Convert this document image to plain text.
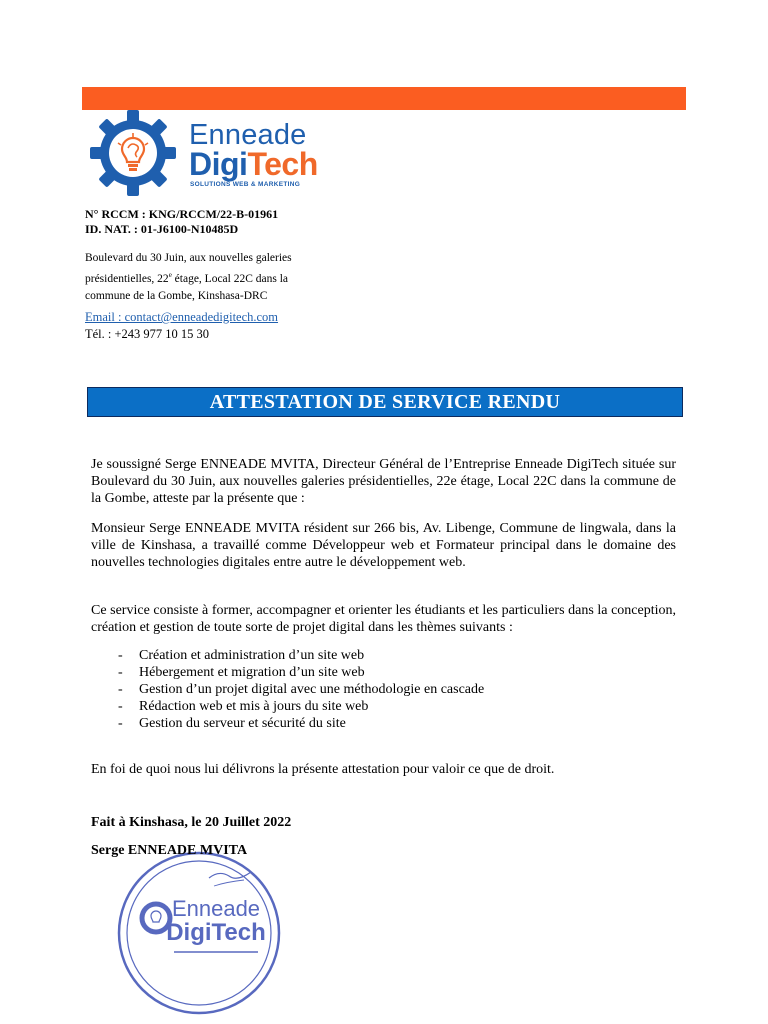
Enneade
DigiTech
SOLUTIONS WEB & MARKETING
N° RCCM : KNG/RCCM/22-B-01961
ID. NAT. : 01-J6100-N10485D
Boulevard du 30 Juin, aux nouvelles galeries
présidentielles, 22e étage, Local 22C dans la
commune de la Gombe, Kinshasa-DRC
Email : contact@enneadedigitech.com
Tél. : +243 977 10 15 30
ATTESTATION DE SERVICE RENDU
Je soussigné Serge ENNEADE MVITA, Directeur Général de l’Entreprise Enneade DigiTech située sur Boulevard du 30 Juin, aux nouvelles galeries présidentielles, 22e étage, Local 22C dans la commune de la Gombe, atteste par la présente que :
Monsieur Serge ENNEADE MVITA résident sur 266 bis, Av. Libenge, Commune de lingwala, dans la ville de Kinshasa, a travaillé comme Développeur web et Formateur principal dans le domaine des nouvelles technologies digitales entre autre le développement web.
Ce service consiste à former, accompagner et orienter les étudiants et les particuliers dans la conception, création et gestion de toute sorte de projet digital dans les thèmes suivants :
-	Création et administration d’un site web
-	Hébergement et migration d’un site web
-	Gestion d’un projet digital avec une méthodologie en cascade
-	Rédaction web et mis à jours du site web
-	Gestion du serveur et sécurité du site
En foi de quoi nous lui délivrons la présente attestation pour valoir ce que de droit.
Fait à Kinshasa, le 20 Juillet 2022
Enneade
DigiTech
Serge ENNEADE MVITA
